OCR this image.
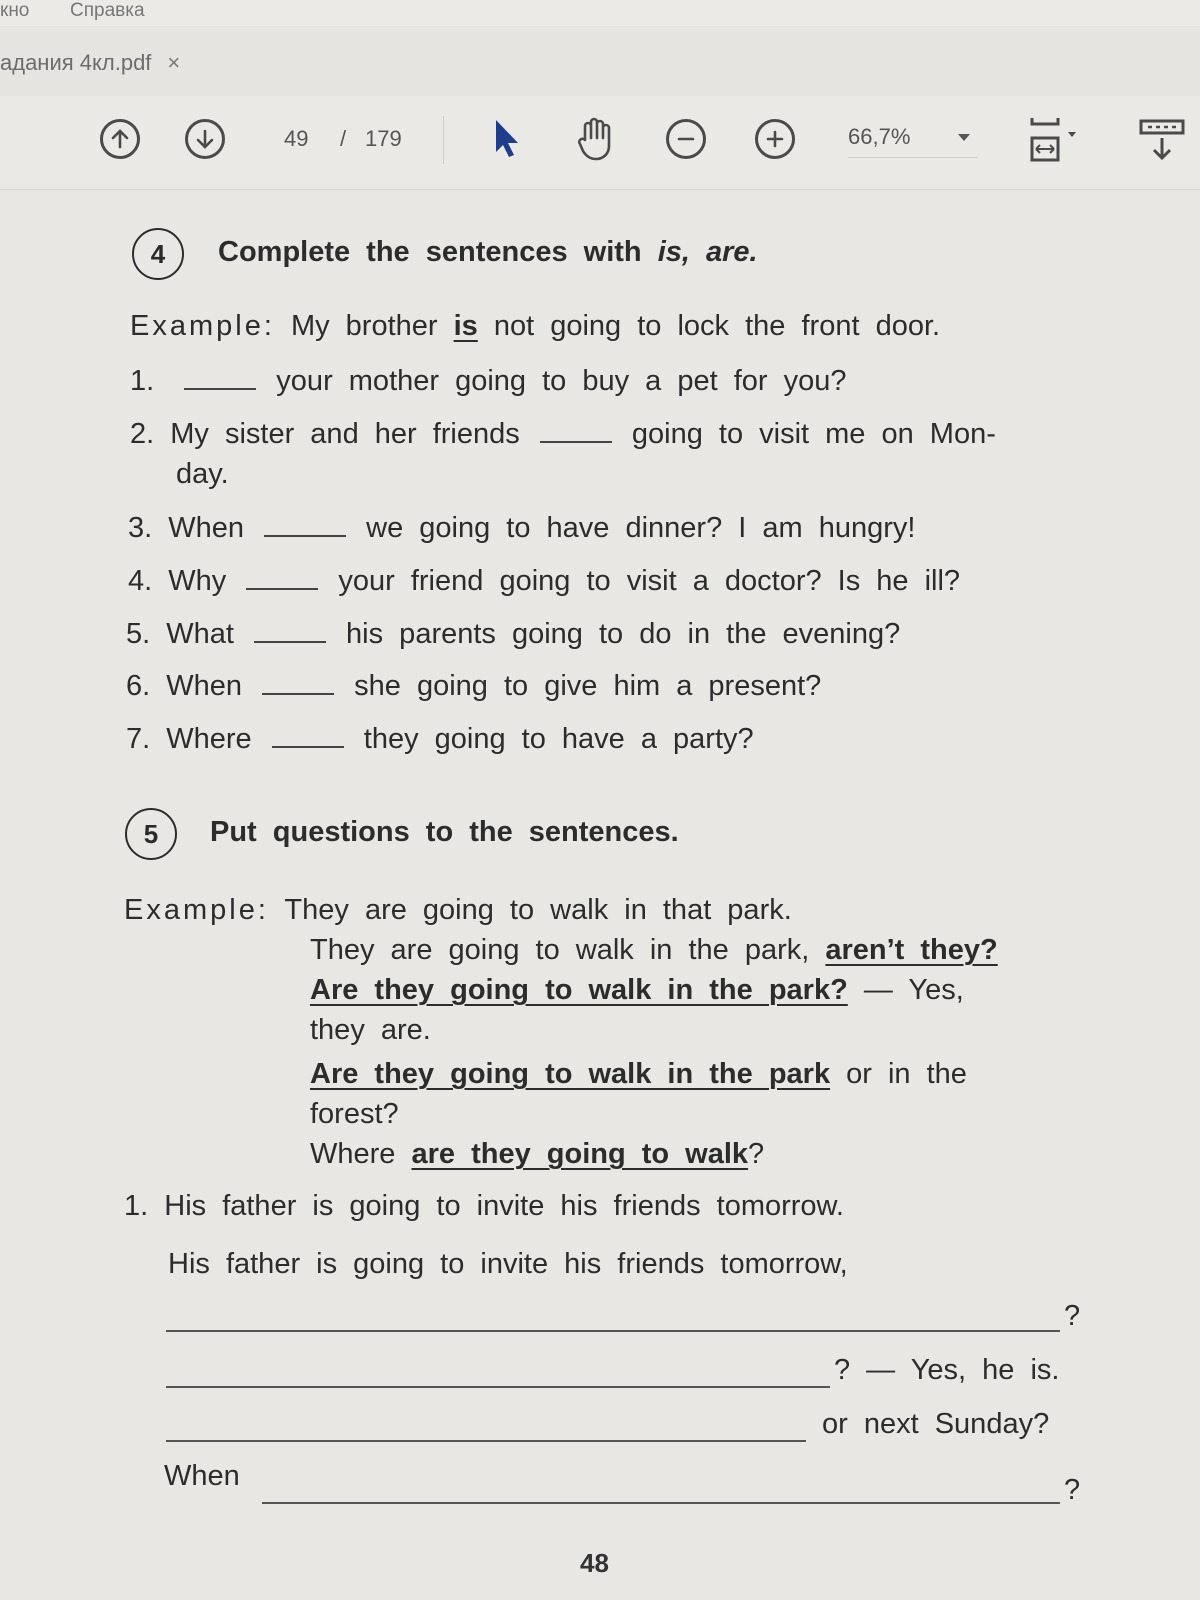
кно Справка
адания 4кл.pdf ×
49 / 179	66,7%
4	Complete the sentences with is, are.
Example: My brother is not going to lock the front door.
1.	your mother going to buy a pet for you?
2. My sister and her friends	going to visit me on Mon-
day.
3. When	we going to have dinner? I am hungry!
4. Why	your friend going to visit a doctor? Is he ill?
5. What	his parents going to do in the evening?
6. When	she going to give him a present?
7. Where	they going to have a party?
5	Put questions to the sentences.
Example: They are going to walk in that park.
They are going to walk in the park, aren’t they?
Are they going to walk in the park? — Yes,
they are.
Are they going to walk in the park or in the
forest?
Where are they going to walk?
1. His father is going to invite his friends tomorrow.
His father is going to invite his friends tomorrow,
?
? — Yes, he is.
or next Sunday?
When	?
48
